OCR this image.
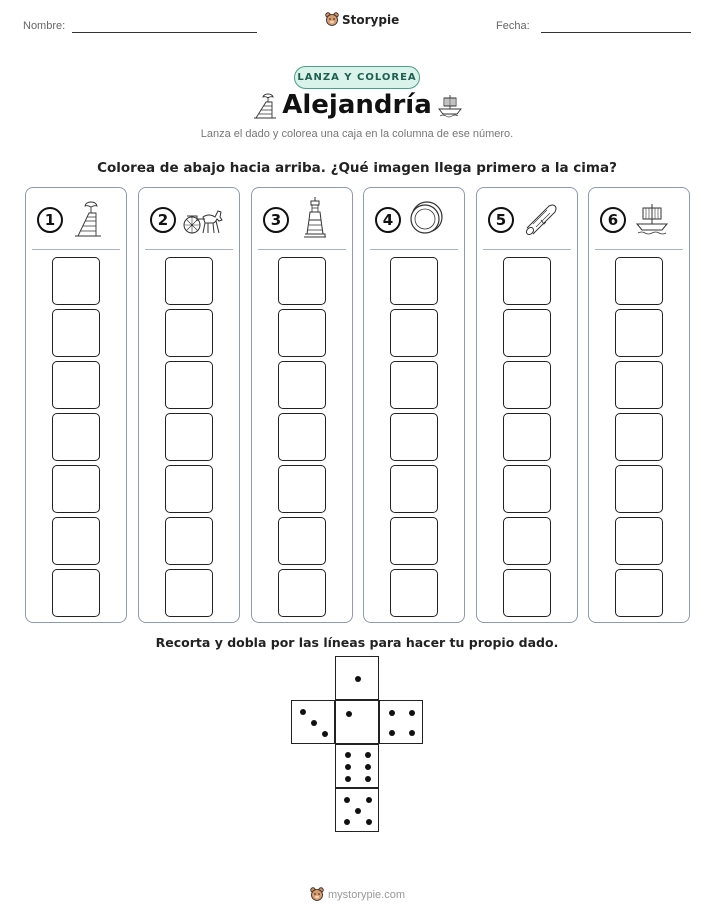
Nombre:	Storypie	Fecha:
LANZA Y COLOREA
Alejandría
Lanza el dado y colorea una caja en la columna de ese número.
Colorea de abajo hacia arriba. ¿Qué imagen llega primero a la cima?
1	2	3	4	5	6
Recorta y dobla por las líneas para hacer tu propio dado.
mystorypie.com
